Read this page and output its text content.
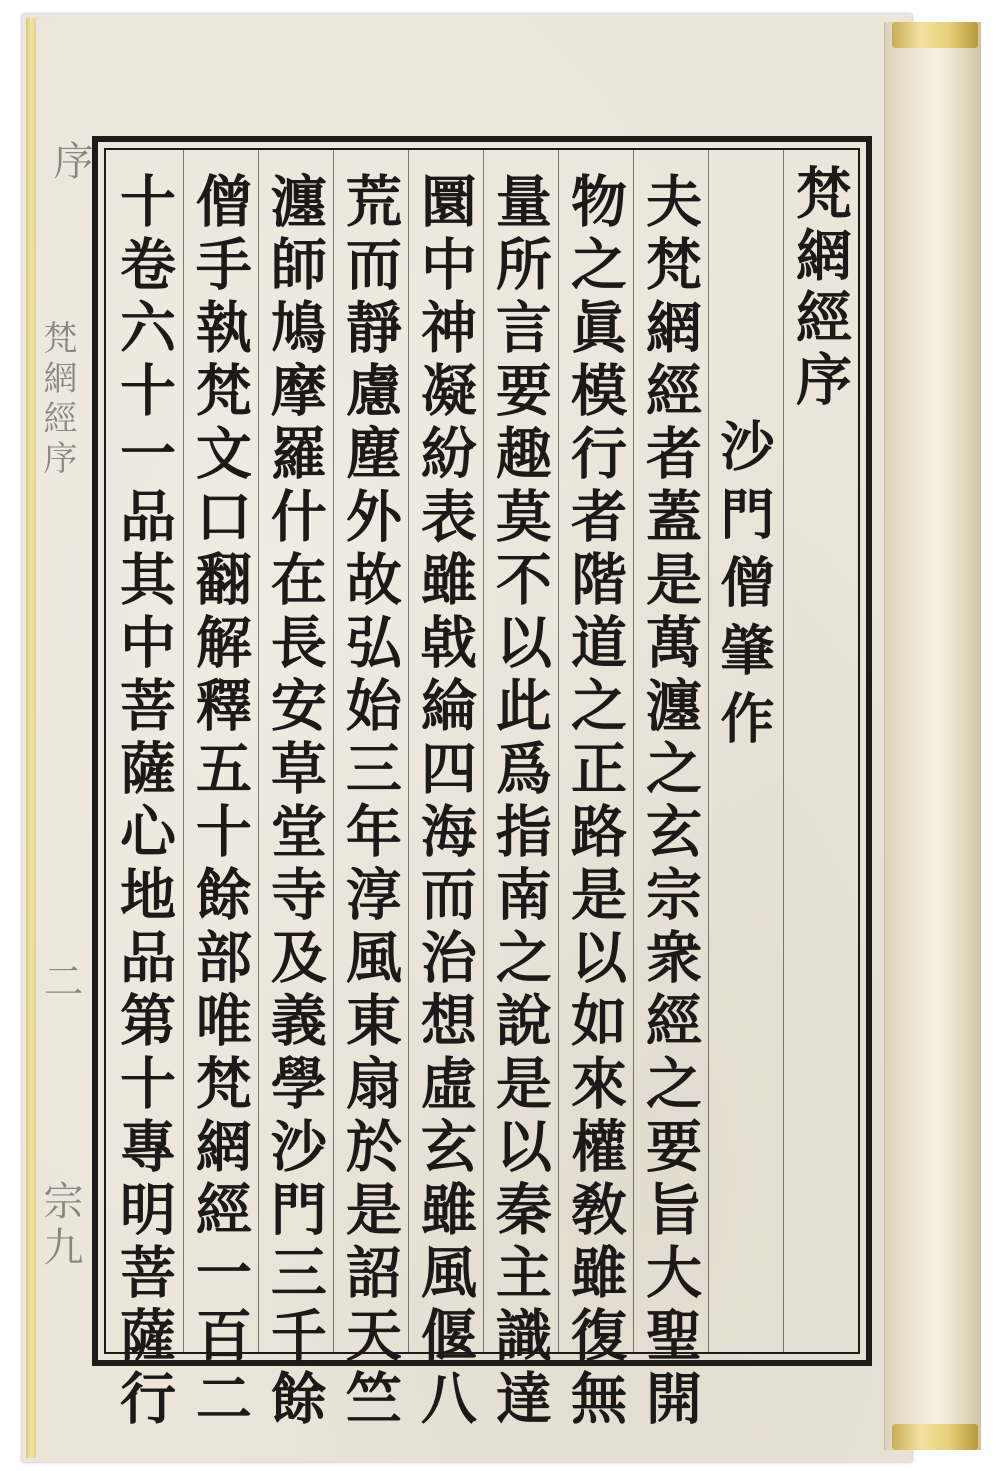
序
梵網經序
二
宗九
梵網經序
沙門僧肇作
夫梵網經者蓋是萬瀍之玄宗衆經之要旨大聖開
物之眞模行者階道之正路是以如來權敎雖復無
量所言要趣莫不以此爲指南之說是以秦主識達
圜中神凝紛表雖㦸綸四海而治想虛玄雖風偃八
荒而靜慮塵外故弘始三年淳風東扇於是詔天竺
瀍師鳩摩羅什在長安草堂寺及義學沙門三千餘
僧手執梵文口翻解釋五十餘部唯梵網經一百二
十卷六十一品其中菩薩心地品第十專明菩薩行
